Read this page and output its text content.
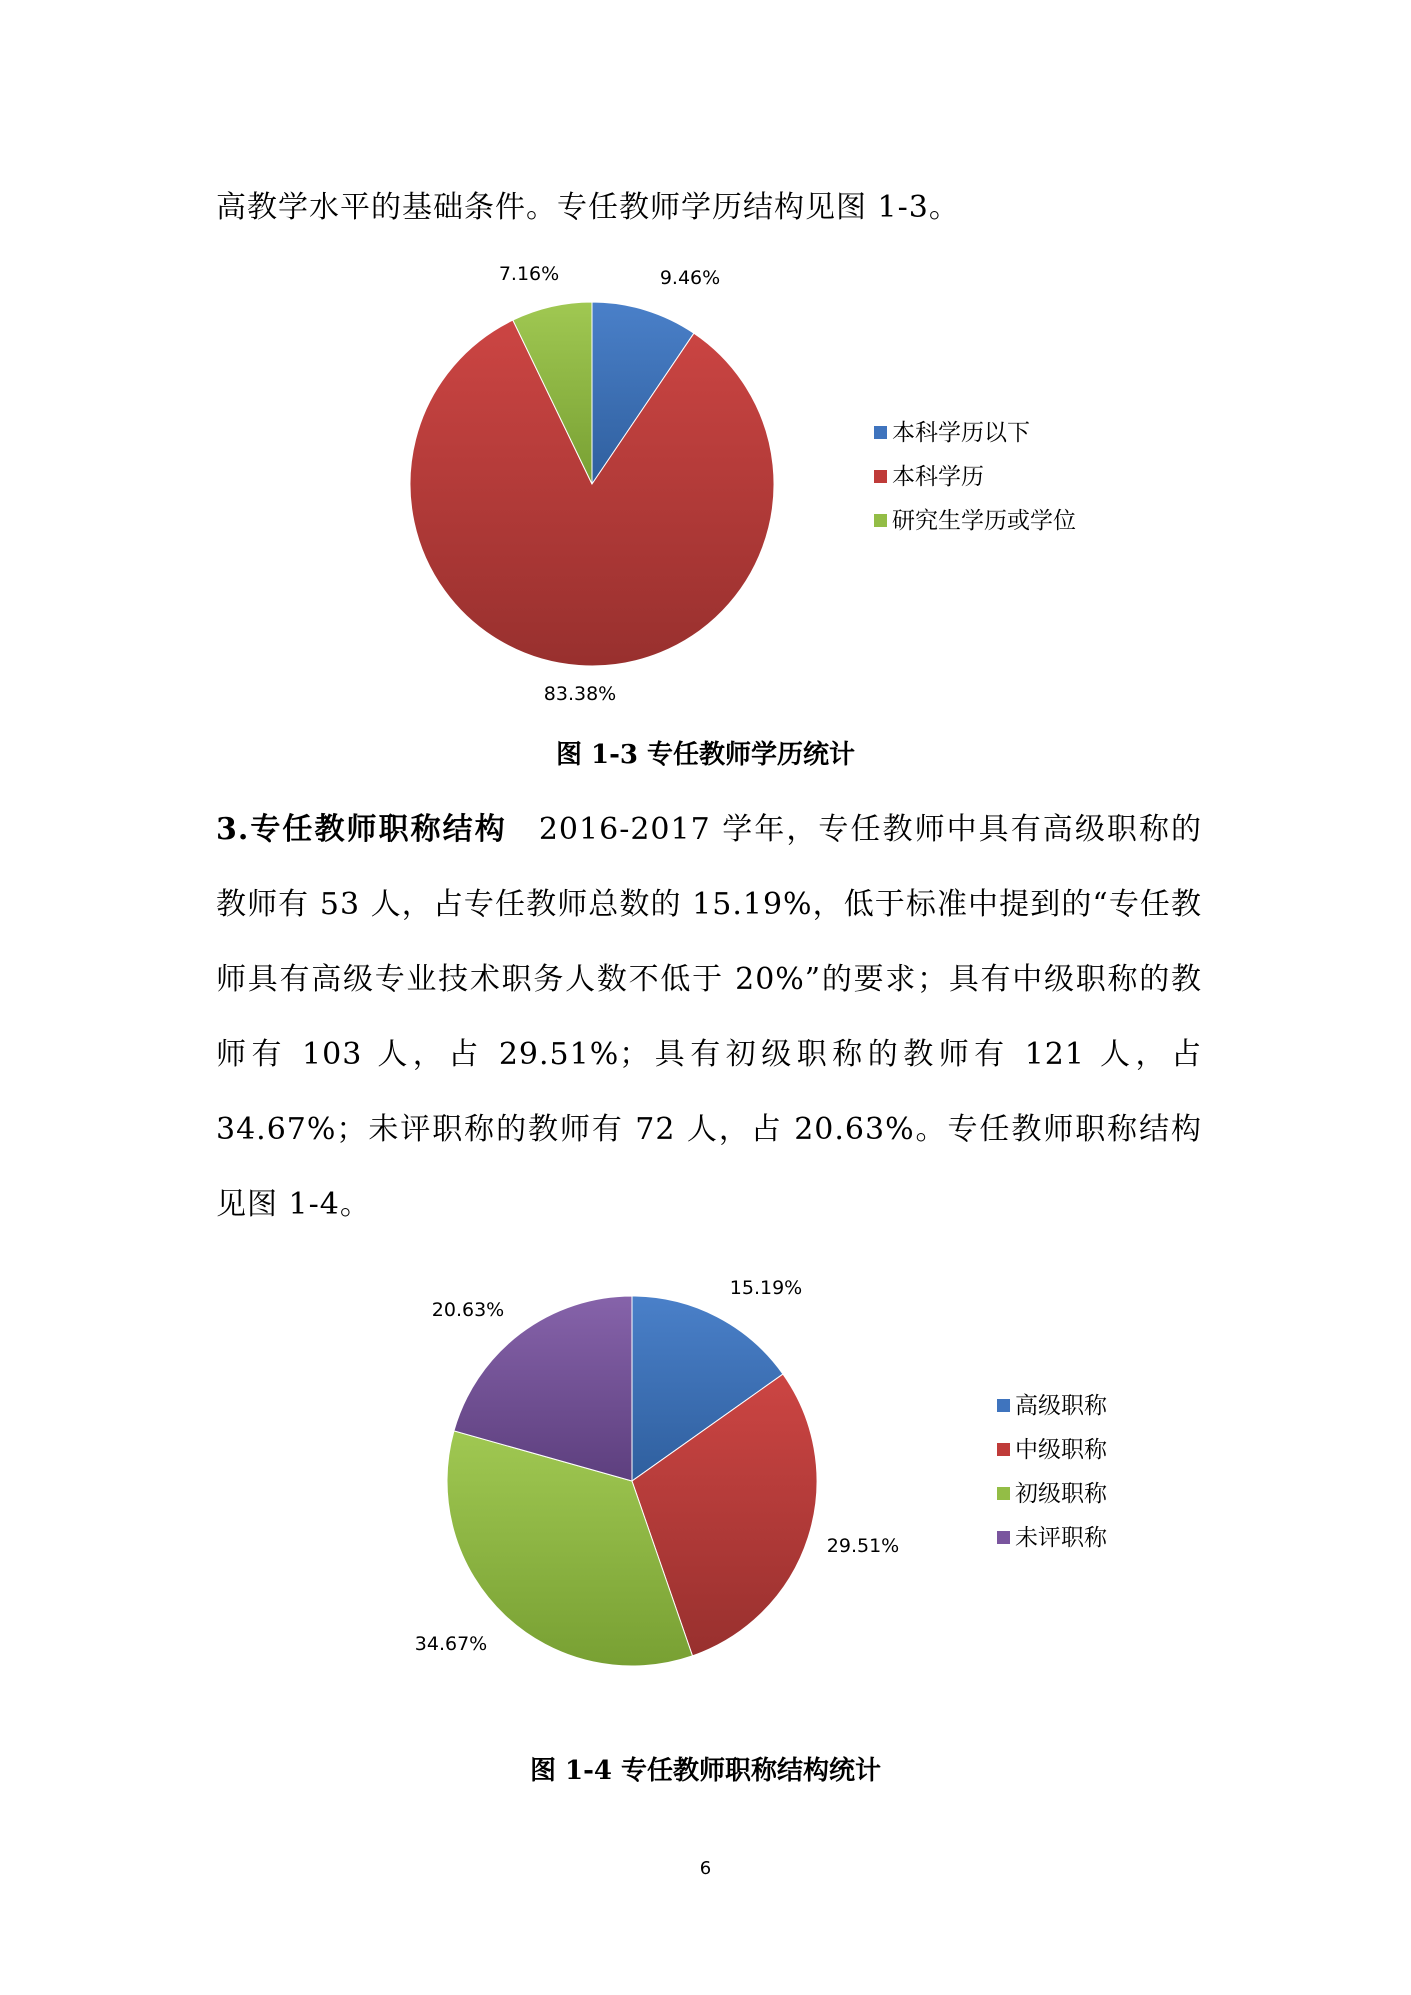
高教学水平的基础条件。专任教师学历结构见图 1-3。

9.46%
83.38%
7.16%
本科学历以下
本科学历
研究生学历或学位

图 1-3 专任教师学历统计

3.专任教师职称结构　2016-2017 学年，专任教师中具有高级职称的教师有 53 人，占专任教师总数的 15.19%，低于标准中提到的“专任教师具有高级专业技术职务人数不低于 20%”的要求；具有中级职称的教师有 103 人，占 29.51%；具有初级职称的教师有 121 人，占 34.67%；未评职称的教师有 72 人，占 20.63%。专任教师职称结构见图 1-4。

15.19%
29.51%
34.67%
20.63%
高级职称
中级职称
初级职称
未评职称

图 1-4 专任教师职称结构统计

6
